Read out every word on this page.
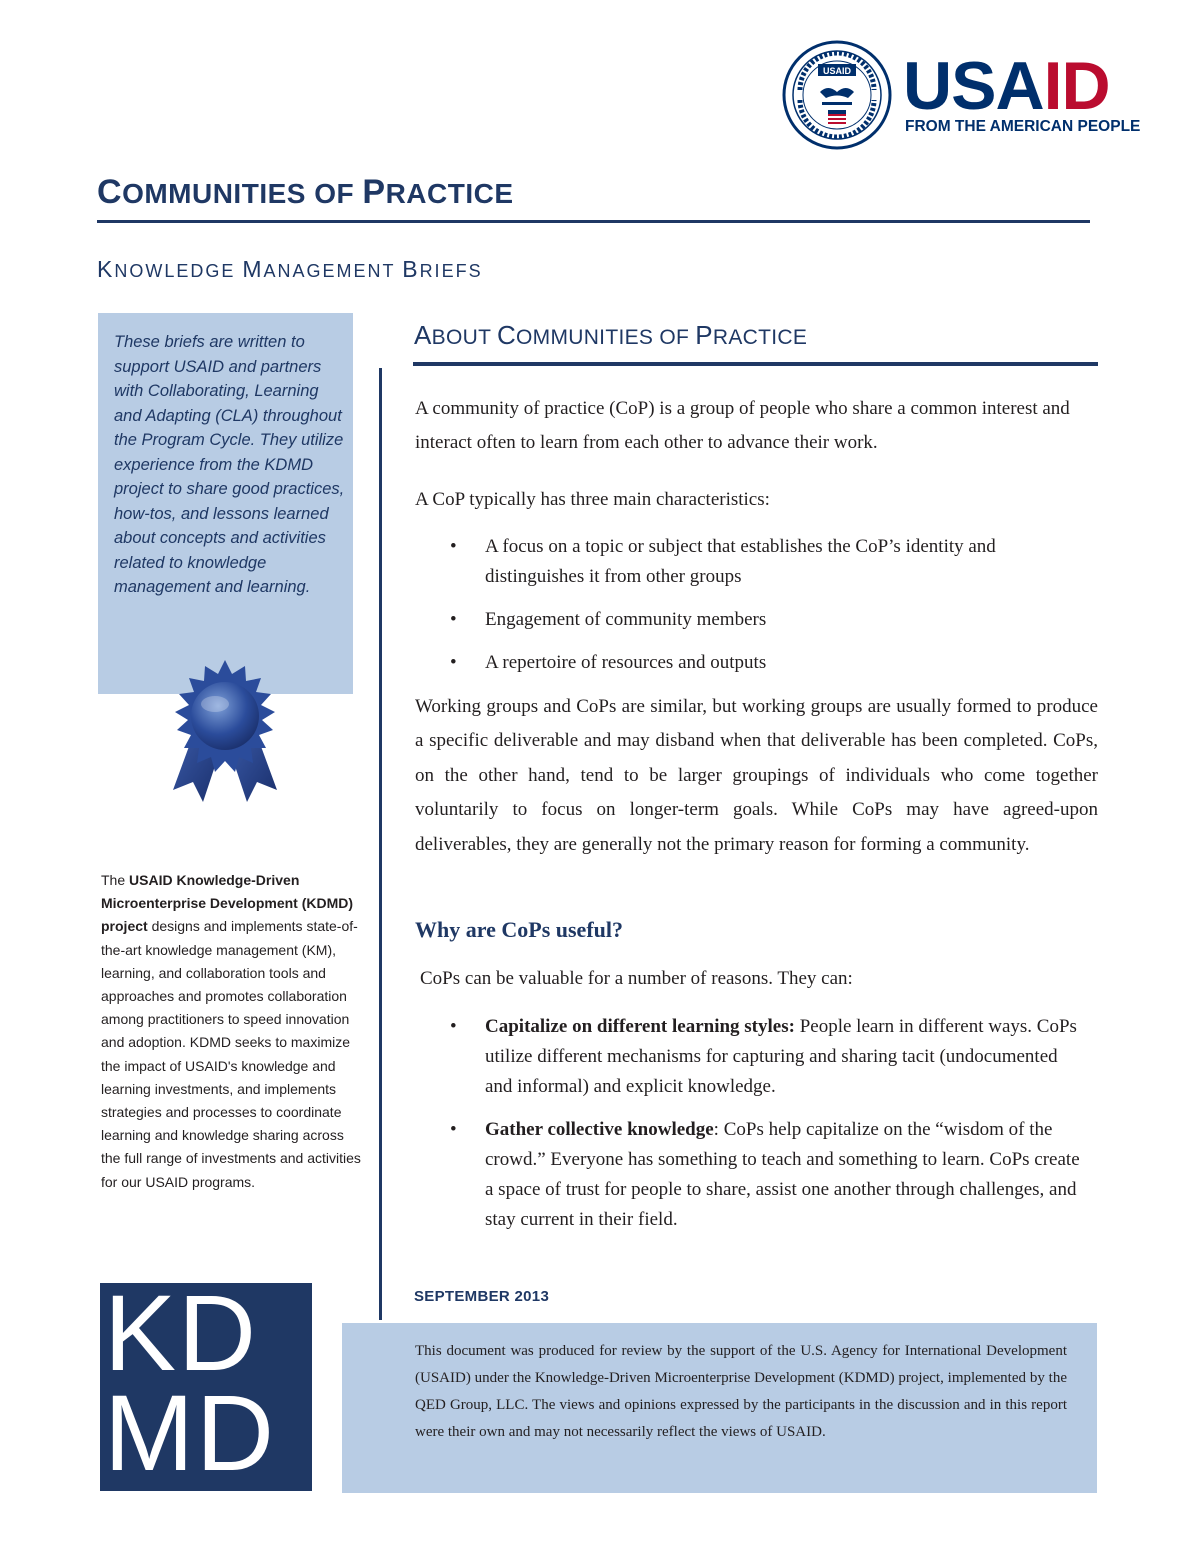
USAID USAID
FROM THE AMERICAN PEOPLE
COMMUNITIES OF PRACTICE
KNOWLEDGE MANAGEMENT BRIEFS
These briefs are written to support USAID and partners with Collaborating, Learning and Adapting (CLA) throughout the Program Cycle. They utilize experience from the KDMD project to share good practices, how-tos, and lessons learned about concepts and activities related to knowledge management and learning.
The USAID Knowledge-Driven Microenterprise Development (KDMD) project designs and implements state-of-the-art knowledge management (KM), learning, and collaboration tools and approaches and promotes collaboration among practitioners to speed innovation and adoption. KDMD seeks to maximize the impact of USAID's knowledge and learning investments, and implements strategies and processes to coordinate learning and knowledge sharing across the full range of investments and activities for our USAID programs.
KD
MD
ABOUT COMMUNITIES OF PRACTICE
A community of practice (CoP) is a group of people who share a common interest and interact often to learn from each other to advance their work.
A CoP typically has three main characteristics:
• A focus on a topic or subject that establishes the CoP’s identity and distinguishes it from other groups
• Engagement of community members
• A repertoire of resources and outputs
Working groups and CoPs are similar, but working groups are usually formed to produce a specific deliverable and may disband when that deliverable has been completed. CoPs, on the other hand, tend to be larger groupings of individuals who come together voluntarily to focus on longer-term goals. While CoPs may have agreed-upon deliverables, they are generally not the primary reason for forming a community.
Why are CoPs useful?
CoPs can be valuable for a number of reasons. They can:
• Capitalize on different learning styles: People learn in different ways. CoPs utilize different mechanisms for capturing and sharing tacit (undocumented and informal) and explicit knowledge.
• Gather collective knowledge: CoPs help capitalize on the “wisdom of the crowd.” Everyone has something to teach and something to learn. CoPs create a space of trust for people to share, assist one another through challenges, and stay current in their field.
SEPTEMBER 2013
This document was produced for review by the support of the U.S. Agency for International Development (USAID) under the Knowledge-Driven Microenterprise Development (KDMD) project, implemented by the QED Group, LLC. The views and opinions expressed by the participants in the discussion and in this report were their own and may not necessarily reflect the views of USAID.
